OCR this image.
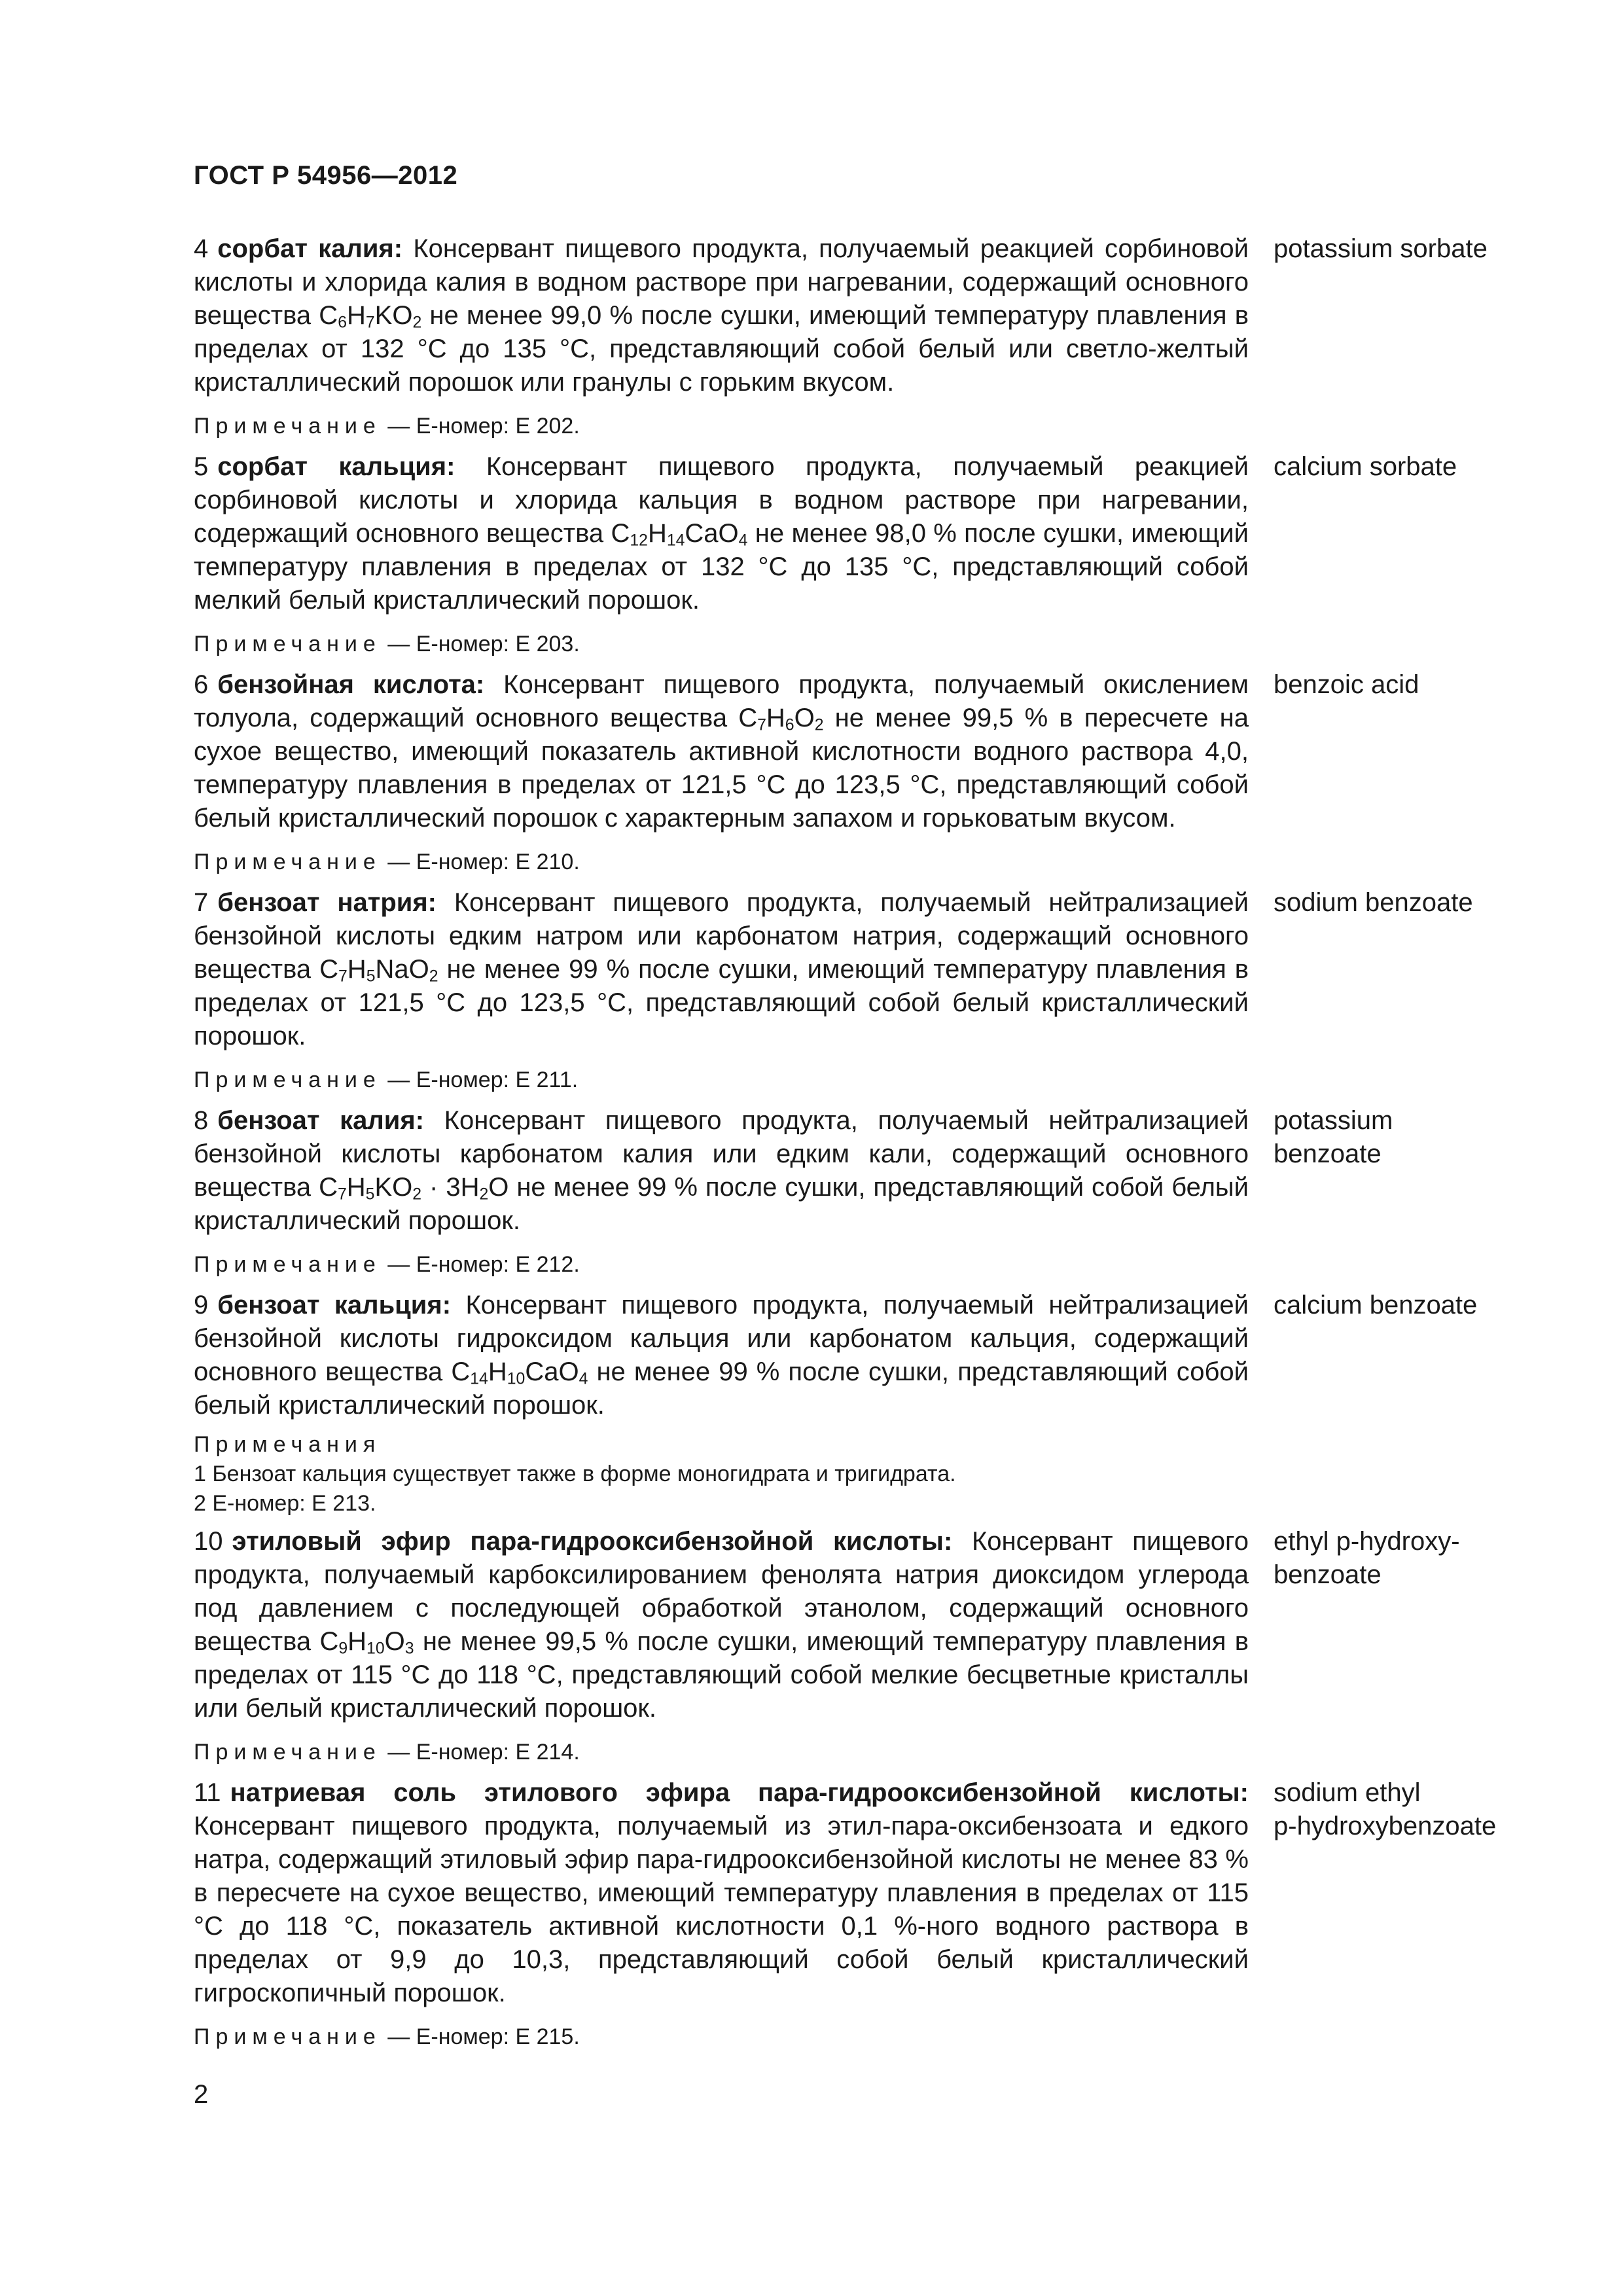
ГОСТ Р 54956—2012

4 сорбат калия: Консервант пищевого продукта, получаемый реакцией сорбиновой кислоты и хлорида калия в водном растворе при нагревании, содержащий основного вещества $C_6H_7KO_2$ не менее 99,0 % после сушки, имеющий температуру плавления в пределах от 132 °C до 135 °C, представляющий собой белый или светло-желтый кристаллический порошок или гранулы с горьким вкусом.

potassium sorbate
Примечание — Е-номер: Е 202.

5 сорбат кальция: Консервант пищевого продукта, получаемый реакцией сорбиновой кислоты и хлорида кальция в водном растворе при нагревании, содержащий основного вещества $C_{12}H_{14}CaO_4$ не менее 98,0 % после сушки, имеющий температуру плавления в пределах от 132 °C до 135 °C, представляющий собой мелкий белый кристаллический порошок.

calcium sorbate
Примечание — Е-номер: Е 203.

6 бензойная кислота: Консервант пищевого продукта, получаемый окислением толуола, содержащий основного вещества $C_7H_6O_2$ не менее 99,5 % в пересчете на сухое вещество, имеющий показатель активной кислотности водного раствора 4,0, температуру плавления в пределах от 121,5 °C до 123,5 °C, представляющий собой белый кристаллический порошок с характерным запахом и горьковатым вкусом.

benzoic acid
Примечание — Е-номер: Е 210.

7 бензоат натрия: Консервант пищевого продукта, получаемый нейтрализацией бензойной кислоты едким натром или карбонатом натрия, содержащий основного вещества $C_7H_5NaO_2$ не менее 99 % после сушки, имеющий температуру плавления в пределах от 121,5 °C до 123,5 °C, представляющий собой белый кристаллический порошок.

sodium benzoate
Примечание — Е-номер: Е 211.

8 бензоат калия: Консервант пищевого продукта, получаемый нейтрализацией бензойной кислоты карбонатом калия или едким кали, содержащий основного вещества $C_7H_5KO_2 \cdot 3H_2O$ не менее 99 % после сушки, представляющий собой белый кристаллический порошок.

potassium
benzoate
Примечание — Е-номер: Е 212.

9 бензоат кальция: Консервант пищевого продукта, получаемый нейтрализацией бензойной кислоты гидроксидом кальция или карбонатом кальция, содержащий основного вещества $C_{14}H_{10}CaO_4$ не менее 99 % после сушки, представляющий собой белый кристаллический порошок.

calcium benzoate
Примечания
1 Бензоат кальция существует также в форме моногидрата и тригидрата.
2 Е-номер: Е 213.

10 этиловый эфир пара-гидрооксибензойной кислоты: Консервант пищевого продукта, получаемый карбоксилированием фенолята натрия диоксидом углерода под давлением с последующей обработкой этанолом, содержащий основного вещества $C_9H_{10}O_3$ не менее 99,5 % после сушки, имеющий температуру плавления в пределах от 115 °C до 118 °C, представляющий собой мелкие бесцветные кристаллы или белый кристаллический порошок.

ethyl p-hydroxy-
benzoate
Примечание — Е-номер: Е 214.

11 натриевая соль этилового эфира пара-гидрооксибензойной кислоты: Консервант пищевого продукта, получаемый из этил-пара-оксибензоата и едкого натра, содержащий этиловый эфир пара-гидрооксибензойной кислоты не менее 83 % в пересчете на сухое вещество, имеющий температуру плавления в пределах от 115 °C до 118 °C, показатель активной кислотности 0,1 %-ного водного раствора в пределах от 9,9 до 10,3, представляющий собой белый кристаллический гигроскопичный порошок.

sodium ethyl
p-hydroxybenzoate
Примечание — Е-номер: Е 215.
2
